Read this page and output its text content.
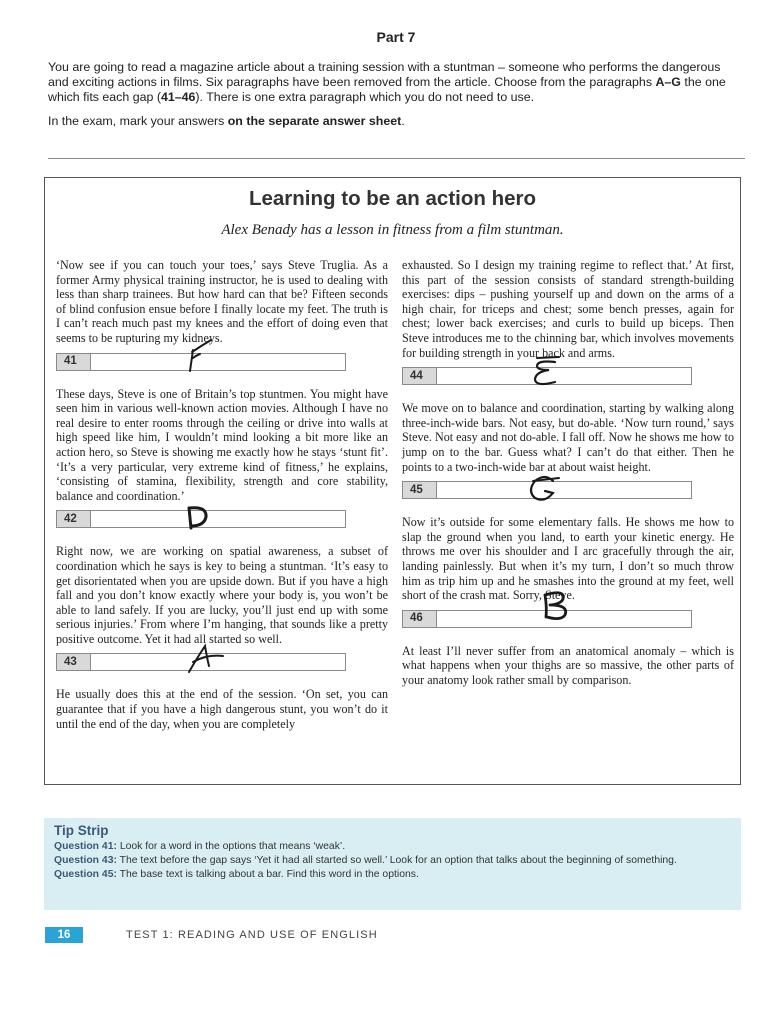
Part 7

You are going to read a magazine article about a training session with a stuntman – someone who performs the dangerous and exciting actions in films. Six paragraphs have been removed from the article. Choose from the paragraphs A–G the one which fits each gap (41–46). There is one extra paragraph which you do not need to use.

In the exam, mark your answers on the separate answer sheet.

Learning to be an action hero
Alex Benady has a lesson in fitness from a film stuntman.

‘Now see if you can touch your toes,’ says Steve Truglia. As a former Army physical training instructor, he is used to dealing with less than sharp trainees. But how hard can that be? Fifteen seconds of blind confusion ensue before I finally locate my feet. The truth is I can’t reach much past my knees and the effort of doing even that seems to be rupturing my kidneys.

41

These days, Steve is one of Britain’s top stuntmen. You might have seen him in various well-known action movies. Although I have no real desire to enter rooms through the ceiling or drive into walls at high speed like him, I wouldn’t mind looking a bit more like an action hero, so Steve is showing me exactly how he stays ‘stunt fit’. ‘It’s a very particular, very extreme kind of fitness,’ he explains, ‘consisting of stamina, flexibility, strength and core stability, balance and coordination.’

42

Right now, we are working on spatial awareness, a subset of coordination which he says is key to being a stuntman. ‘It’s easy to get disorientated when you are upside down. But if you have a high fall and you don’t know exactly where your body is, you won’t be able to land safely. If you are lucky, you’ll just end up with some serious injuries.’ From where I’m hanging, that sounds like a pretty positive outcome. Yet it had all started so well.

43

He usually does this at the end of the session. ‘On set, you can guarantee that if you have a high dangerous stunt, you won’t do it until the end of the day, when you are completely

exhausted. So I design my training regime to reflect that.’ At first, this part of the session consists of standard strength-building exercises: dips – pushing yourself up and down on the arms of a high chair, for triceps and chest; some bench presses, again for chest; lower back exercises; and curls to build up biceps. Then Steve introduces me to the chinning bar, which involves movements for building strength in your back and arms.

44

We move on to balance and coordination, starting by walking along three-inch-wide bars. Not easy, but do-able. ‘Now turn round,’ says Steve. Not easy and not do-able. I fall off. Now he shows me how to jump on to the bar. Guess what? I can’t do that either. Then he points to a two-inch-wide bar at about waist height.

45

Now it’s outside for some elementary falls. He shows me how to slap the ground when you land, to earth your kinetic energy. He throws me over his shoulder and I arc gracefully through the air, landing painlessly. But when it’s my turn, I don’t so much throw him as trip him up and he smashes into the ground at my feet, well short of the crash mat. Sorry, Steve.

46

At least I’ll never suffer from an anatomical anomaly – which is what happens when your thighs are so massive, the other parts of your anatomy look rather small by comparison.

Tip Strip

Question 41: Look for a word in the options that means ‘weak’.

Question 43: The text before the gap says ‘Yet it had all started so well.’ Look for an option that talks about the beginning of something.

Question 45: The base text is talking about a bar. Find this word in the options.

16	TEST 1: READING AND USE OF ENGLISH
